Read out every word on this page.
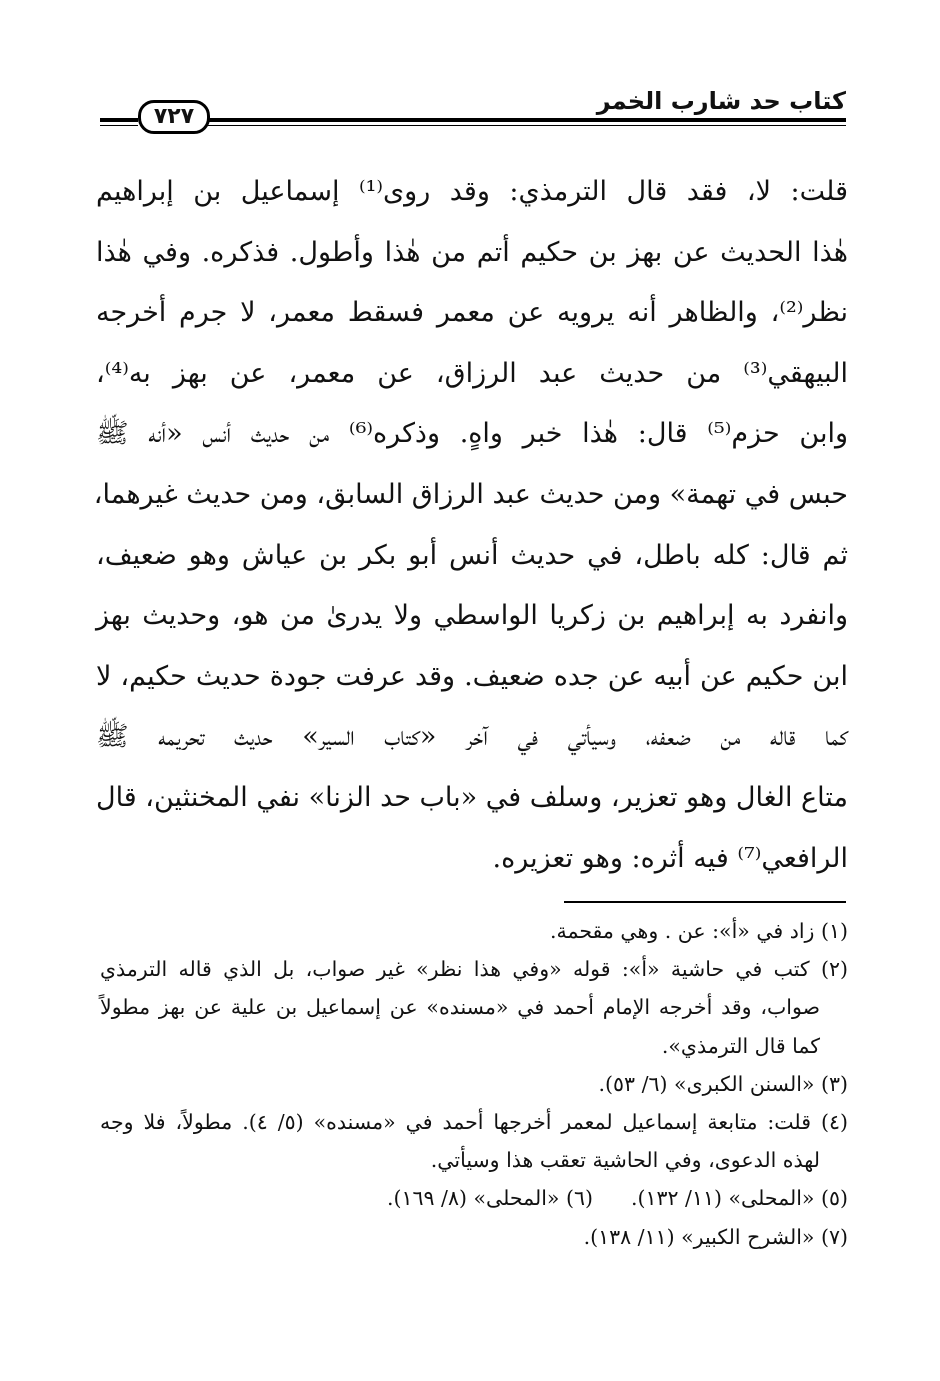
كتاب حد شارب الخمر
٧٢٧
قلت: لا، فقد قال الترمذي: وقد روى⁽¹⁾ إسماعيل بن إبراهيم
هٰذا الحديث عن بهز بن حكيم أتم من هٰذا وأطول. فذكره. وفي هٰذا
نظر⁽²⁾، والظاهر أنه يرويه عن معمر فسقط معمر، لا جرم أخرجه
البيهقي⁽³⁾ من حديث عبد الرزاق، عن معمر، عن بهز به⁽⁴⁾،
وابن حزم⁽⁵⁾ قال: هٰذا خبر واهٍ. وذكره⁽⁶⁾ من حديث أنس «أنه ﷺ
حبس في تهمة» ومن حديث عبد الرزاق السابق، ومن حديث غيرهما،
ثم قال: كله باطل، في حديث أنس أبو بكر بن عياش وهو ضعيف،
وانفرد به إبراهيم بن زكريا الواسطي ولا يدرىٰ من هو، وحديث بهز
ابن حكيم عن أبيه عن جده ضعيف. وقد عرفت جودة حديث حكيم، لا
كما قاله من ضعفه، وسيأتي في آخر «كتاب السير» حديث تحريمه ﷺ
متاع الغال وهو تعزير، وسلف في «باب حد الزنا» نفي المخنثين، قال
الرافعي⁽⁷⁾ فيه أثره: وهو تعزيره.
(١) زاد في «أ»: عن . وهي مقحمة.
(٢) كتب في حاشية «أ»: قوله «وفي هذا نظر» غير صواب، بل الذي قاله الترمذي
صواب، وقد أخرجه الإمام أحمد في «مسنده» عن إسماعيل بن علية عن بهز مطولاً
كما قال الترمذي».
(٣) «السنن الكبرى» (٦/ ٥٣).
(٤) قلت: متابعة إسماعيل لمعمر أخرجها أحمد في «مسنده» (٥/ ٤). مطولاً، فلا وجه
لهذه الدعوى، وفي الحاشية تعقب هذا وسيأتي.
(٥) «المحلى» (١١/ ١٣٢).
(٦) «المحلى» (٨/ ١٦٩).
(٧) «الشرح الكبير» (١١/ ١٣٨).
